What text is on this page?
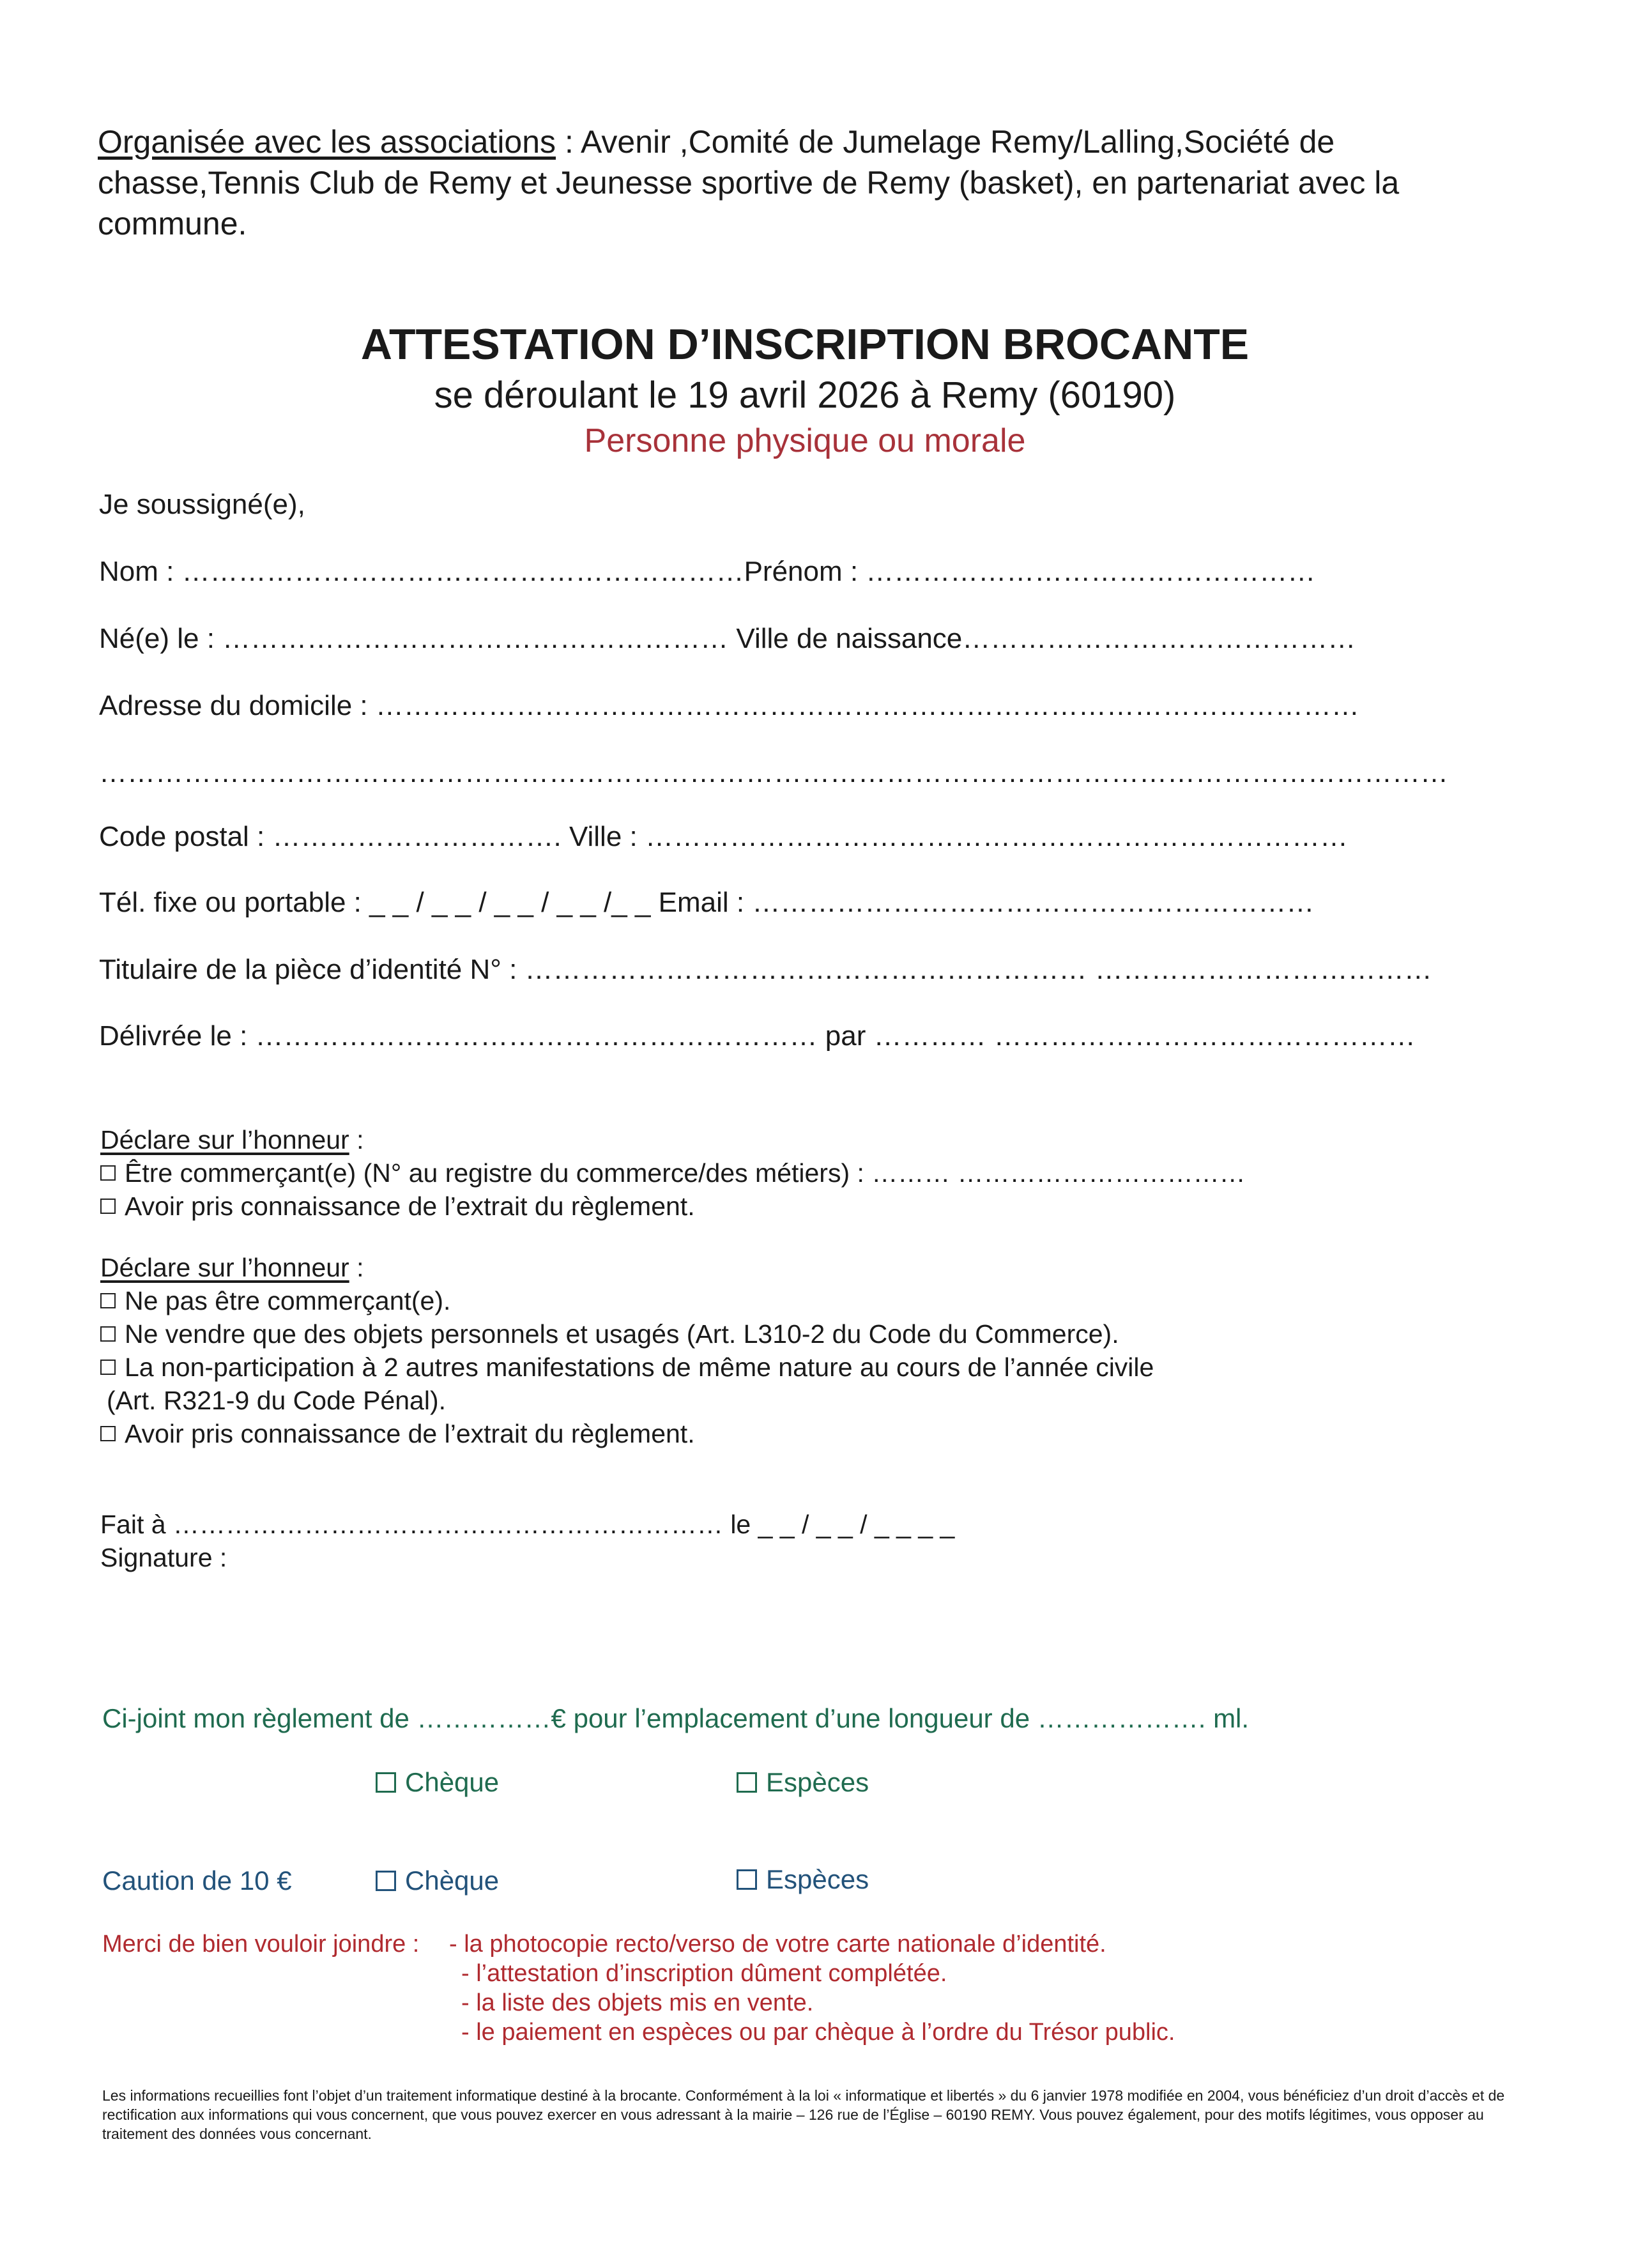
Organisée avec les associations : Avenir ,Comité de Jumelage Remy/Lalling,Société de chasse,Tennis Club de Remy et Jeunesse sportive de Remy (basket), en partenariat avec la commune.
ATTESTATION D’INSCRIPTION BROCANTE
se déroulant le 19 avril 2026 à Remy (60190)
Personne physique ou morale
Je soussigné(e),
Nom : ……………………………………………………Prénom : …………………………………………
Né(e) le : ……………………………………………… Ville de naissance……………………………………
Adresse du domicile : ……………………………………………………………………………………………
………………………………………………………………………………………………………………………………
Code postal : …………………………. Ville : …………………………………………………………………
Tél. fixe ou portable : _ _ / _ _ / _ _ / _ _ /_ _ Email : ……………………………………………………
Titulaire de la pièce d’identité N° : …………………………………………………… ………………………………
Délivrée le : …………………………………………………… par ………… ………………………………………
Déclare sur l’honneur :
Être commerçant(e) (N° au registre du commerce/des métiers) : ……… ……………………………
Avoir pris connaissance de l’extrait du règlement.
Déclare sur l’honneur :
Ne pas être commerçant(e).
Ne vendre que des objets personnels et usagés (Art. L310-2 du Code du Commerce).
La non-participation à 2 autres manifestations de même nature au cours de l’année civile
(Art. R321-9 du Code Pénal).
Avoir pris connaissance de l’extrait du règlement.
Fait à ……………………………………………………… le _ _ / _ _ / _ _ _ _
Signature :
Ci-joint mon règlement de ……………€ pour l’emplacement d’une longueur de ………………. ml.
Chèque	Espèces
Caution de 10 €	Chèque	Espèces
Merci de bien vouloir joindre : - la photocopie recto/verso de votre carte nationale d’identité.
- l’attestation d’inscription dûment complétée.
- la liste des objets mis en vente.
- le paiement en espèces ou par chèque à l’ordre du Trésor public.
Les informations recueillies font l’objet d’un traitement informatique destiné à la brocante. Conformément à la loi « informatique et libertés » du 6 janvier 1978 modifiée en 2004, vous bénéficiez d’un droit d’accès et de rectification aux informations qui vous concernent, que vous pouvez exercer en vous adressant à la mairie – 126 rue de l’Église – 60190 REMY. Vous pouvez également, pour des motifs légitimes, vous opposer au traitement des données vous concernant.
